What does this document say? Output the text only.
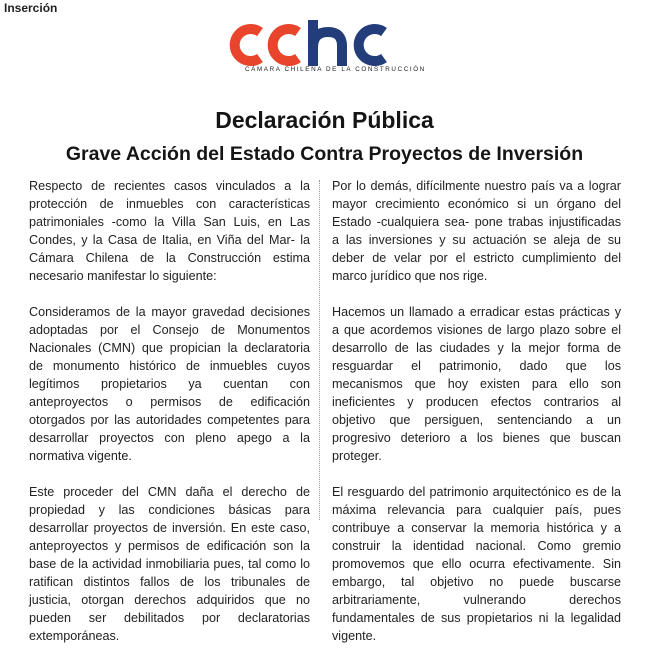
Inserción
CÁMARA CHILENA DE LA CONSTRUCCIÓN
Declaración Pública
Grave Acción del Estado Contra Proyectos de Inversión

Respecto de recientes casos vinculados a la protección de inmuebles con características patrimoniales -como la Villa San Luis, en Las Condes, y la Casa de Italia, en Viña del Mar- la Cámara Chilena de la Construcción estima necesario manifestar lo siguiente:

Consideramos de la mayor gravedad decisiones adoptadas por el Consejo de Monumentos Nacionales (CMN) que propician la declaratoria de monumento histórico de inmuebles cuyos legítimos propietarios ya cuentan con anteproyectos o permisos de edificación otorgados por las autoridades competentes para desarrollar proyectos con pleno apego a la normativa vigente.

Este proceder del CMN daña el derecho de propiedad y las condiciones básicas para desarrollar proyectos de inversión. En este caso, anteproyectos y permisos de edificación son la base de la actividad inmobiliaria pues, tal como lo ratifican distintos fallos de los tribunales de justicia, otorgan derechos adquiridos que no pueden ser debilitados por declaratorias extemporáneas.

Por lo demás, difícilmente nuestro país va a lograr mayor crecimiento económico si un órgano del Estado -cualquiera sea- pone trabas injustificadas a las inversiones y su actuación se aleja de su deber de velar por el estricto cumplimiento del marco jurídico que nos rige.

Hacemos un llamado a erradicar estas prácticas y a que acordemos visiones de largo plazo sobre el desarrollo de las ciudades y la mejor forma de resguardar el patrimonio, dado que los mecanismos que hoy existen para ello son ineficientes y producen efectos contrarios al objetivo que persiguen, sentenciando a un progresivo deterioro a los bienes que buscan proteger.

El resguardo del patrimonio arquitectónico es de la máxima relevancia para cualquier país, pues contribuye a conservar la memoria histórica y a construir la identidad nacional. Como gremio promovemos que ello ocurra efectivamente. Sin embargo, tal objetivo no puede buscarse arbitrariamente, vulnerando derechos fundamentales de sus propietarios ni la legalidad vigente.
